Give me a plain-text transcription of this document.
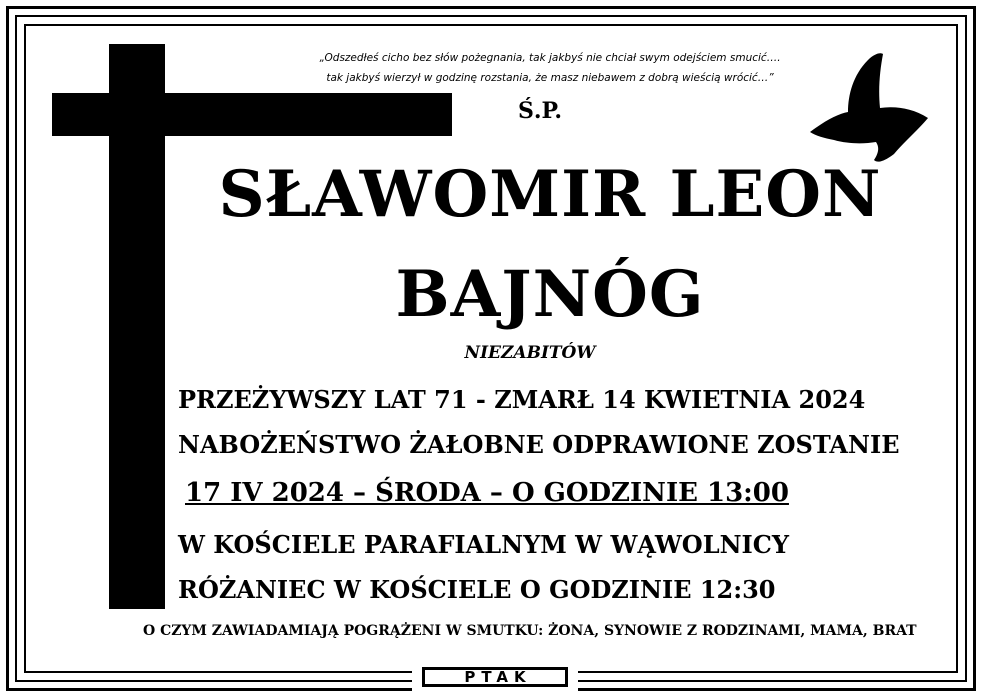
„Odszedłeś cicho bez słów pożegnania, tak jakbyś nie chciał swym odejściem smucić….
tak jakbyś wierzył w godzinę rozstania, że masz niebawem z dobrą wieścią wrócić…”
Ś.P.
SŁAWOMIR LEON
BAJNÓG
NIEZABITÓW
PRZEŻYWSZY LAT 71 - ZMARŁ 14 KWIETNIA 2024
NABOŻEŃSTWO ŻAŁOBNE ODPRAWIONE ZOSTANIE
17 IV 2024 – ŚRODA – O GODZINIE 13:00
W KOŚCIELE PARAFIALNYM W WĄWOLNICY
RÓŻANIEC W KOŚCIELE O GODZINIE 12:30
O CZYM ZAWIADAMIAJĄ POGRĄŻENI W SMUTKU: ŻONA, SYNOWIE Z RODZINAMI, MAMA, BRAT
PTAK
